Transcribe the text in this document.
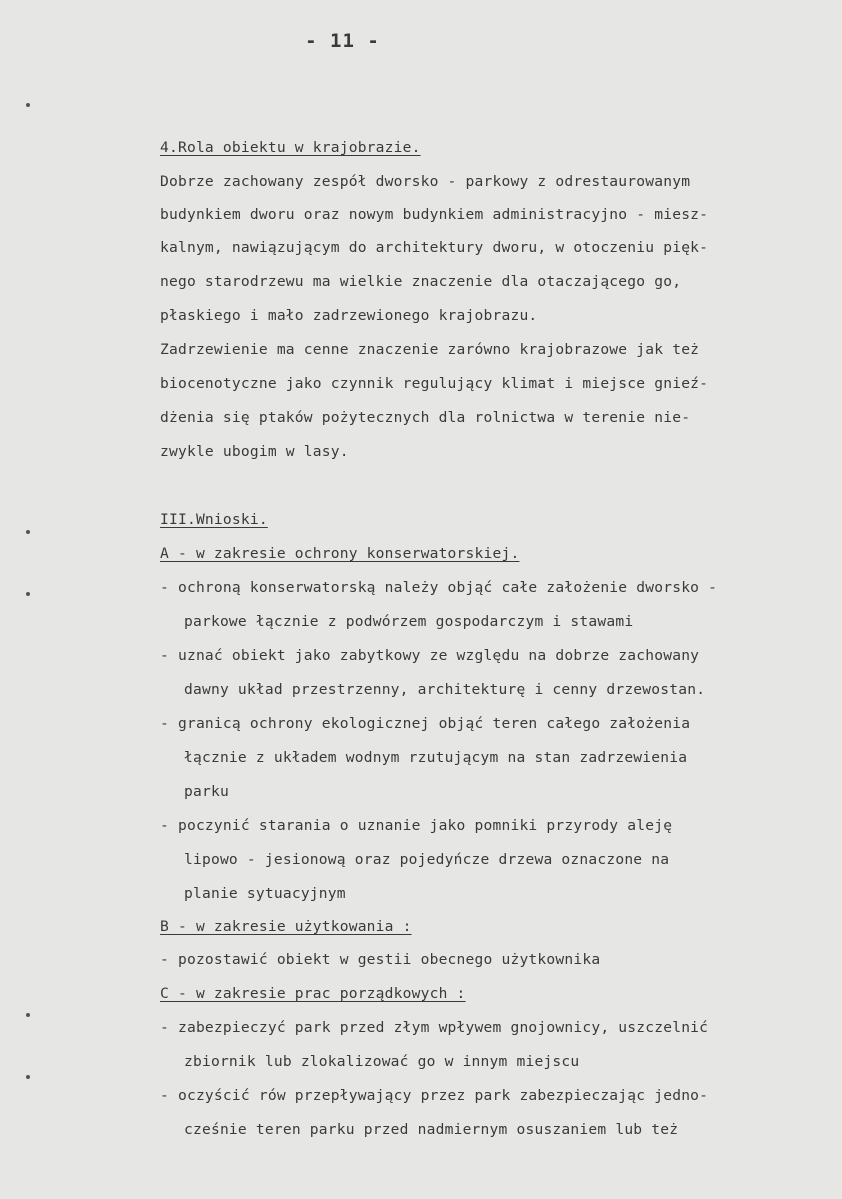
- 11 -
4.Rola obiektu w krajobrazie.
Dobrze zachowany zespół dworsko - parkowy z odrestaurowanym
budynkiem dworu oraz nowym budynkiem administracyjno - miesz-
kalnym, nawiązującym do architektury dworu, w otoczeniu pięk-
nego starodrzewu ma wielkie znaczenie dla otaczającego go,
płaskiego i mało zadrzewionego krajobrazu.
Zadrzewienie ma cenne znaczenie zarówno krajobrazowe jak też
biocenotyczne jako czynnik regulujący klimat i miejsce gnieź-
dżenia się ptaków pożytecznych dla rolnictwa w terenie nie-
zwykle ubogim w lasy.
III.Wnioski.
A - w zakresie ochrony konserwatorskiej.
- ochroną konserwatorską należy objąć całe założenie dworsko -
parkowe łącznie z podwórzem gospodarczym i stawami
- uznać obiekt jako zabytkowy ze względu na dobrze zachowany
dawny układ przestrzenny, architekturę i cenny drzewostan.
- granicą ochrony ekologicznej objąć teren całego założenia
łącznie z układem wodnym rzutującym na stan zadrzewienia
parku
- poczynić starania o uznanie jako pomniki przyrody aleję
lipowo - jesionową oraz pojedyńcze drzewa oznaczone na
planie sytuacyjnym
B - w zakresie użytkowania :
- pozostawić obiekt w gestii obecnego użytkownika
C - w zakresie prac porządkowych :
- zabezpieczyć park przed złym wpływem gnojownicy, uszczelnić
zbiornik lub zlokalizować go w innym miejscu
- oczyścić rów przepływający przez park zabezpieczając jedno-
cześnie teren parku przed nadmiernym osuszaniem lub też
